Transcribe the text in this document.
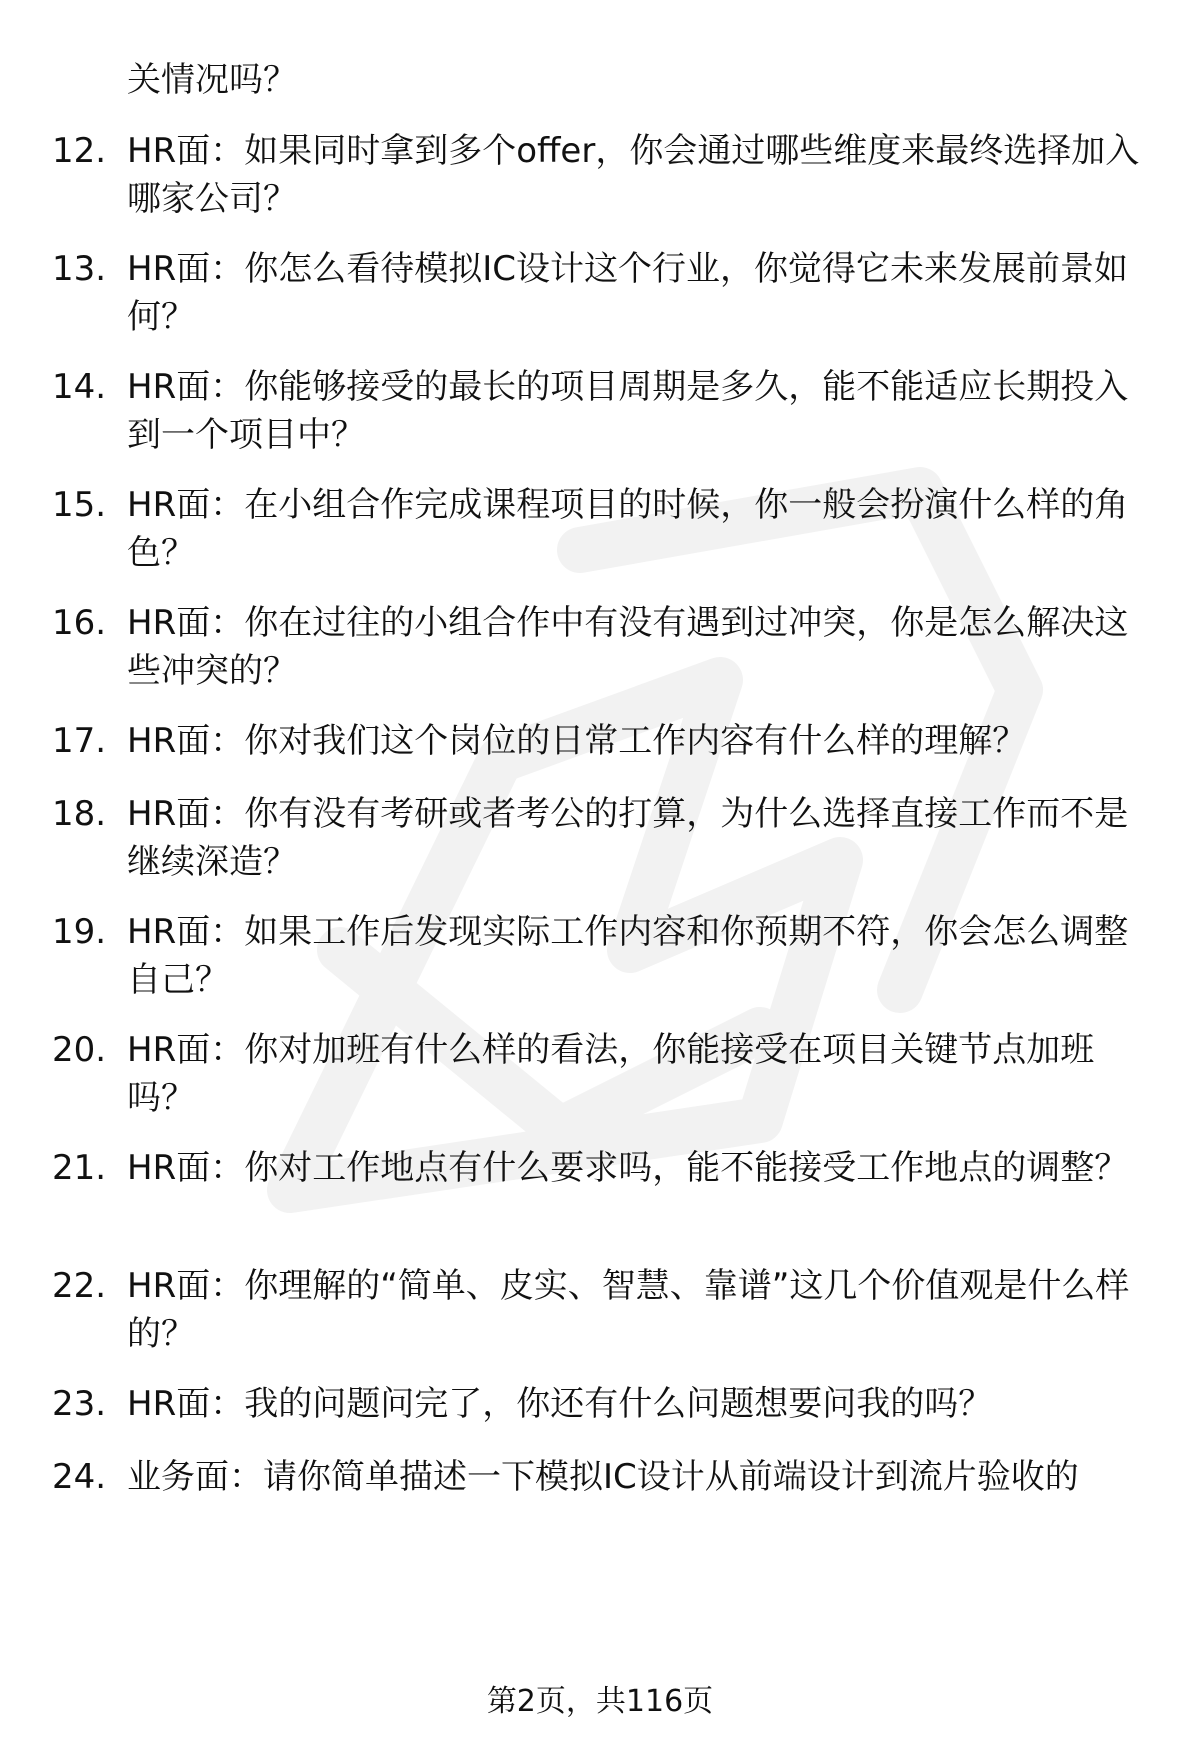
关情况吗？

12. HR面：如果同时拿到多个offer，你会通过哪些维度来最终选择加入哪家公司？

13. HR面：你怎么看待模拟IC设计这个行业，你觉得它未来发展前景如何？

14. HR面：你能够接受的最长的项目周期是多久，能不能适应长期投入到一个项目中？

15. HR面：在小组合作完成课程项目的时候，你一般会扮演什么样的角色？

16. HR面：你在过往的小组合作中有没有遇到过冲突，你是怎么解决这些冲突的？

17. HR面：你对我们这个岗位的日常工作内容有什么样的理解？

18. HR面：你有没有考研或者考公的打算，为什么选择直接工作而不是继续深造？

19. HR面：如果工作后发现实际工作内容和你预期不符，你会怎么调整自己？

20. HR面：你对加班有什么样的看法，你能接受在项目关键节点加班吗？

21. HR面：你对工作地点有什么要求吗，能不能接受工作地点的调整？

22. HR面：你理解的“简单、皮实、智慧、靠谱”这几个价值观是什么样的？

23. HR面：我的问题问完了，你还有什么问题想要问我的吗？

24. 业务面：请你简单描述一下模拟IC设计从前端设计到流片验收的

第2页，共116页
